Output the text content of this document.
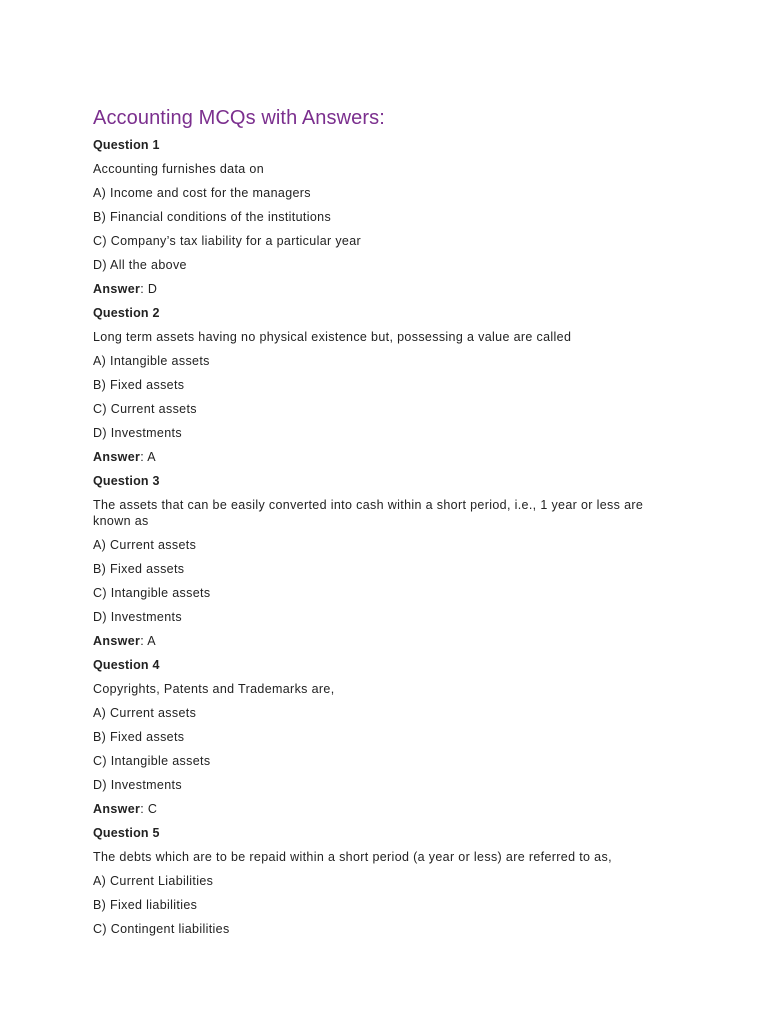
Accounting MCQs with Answers:
Question 1
Accounting furnishes data on
A) Income and cost for the managers
B) Financial conditions of the institutions
C) Company’s tax liability for a particular year
D) All the above
Answer: D
Question 2
Long term assets having no physical existence but, possessing a value are called
A) Intangible assets
B) Fixed assets
C) Current assets
D) Investments
Answer: A
Question 3
The assets that can be easily converted into cash within a short period, i.e., 1 year or less are known as
A) Current assets
B) Fixed assets
C) Intangible assets
D) Investments
Answer: A
Question 4
Copyrights, Patents and Trademarks are,
A) Current assets
B) Fixed assets
C) Intangible assets
D) Investments
Answer: C
Question 5
The debts which are to be repaid within a short period (a year or less) are referred to as,
A) Current Liabilities
B) Fixed liabilities
C) Contingent liabilities
